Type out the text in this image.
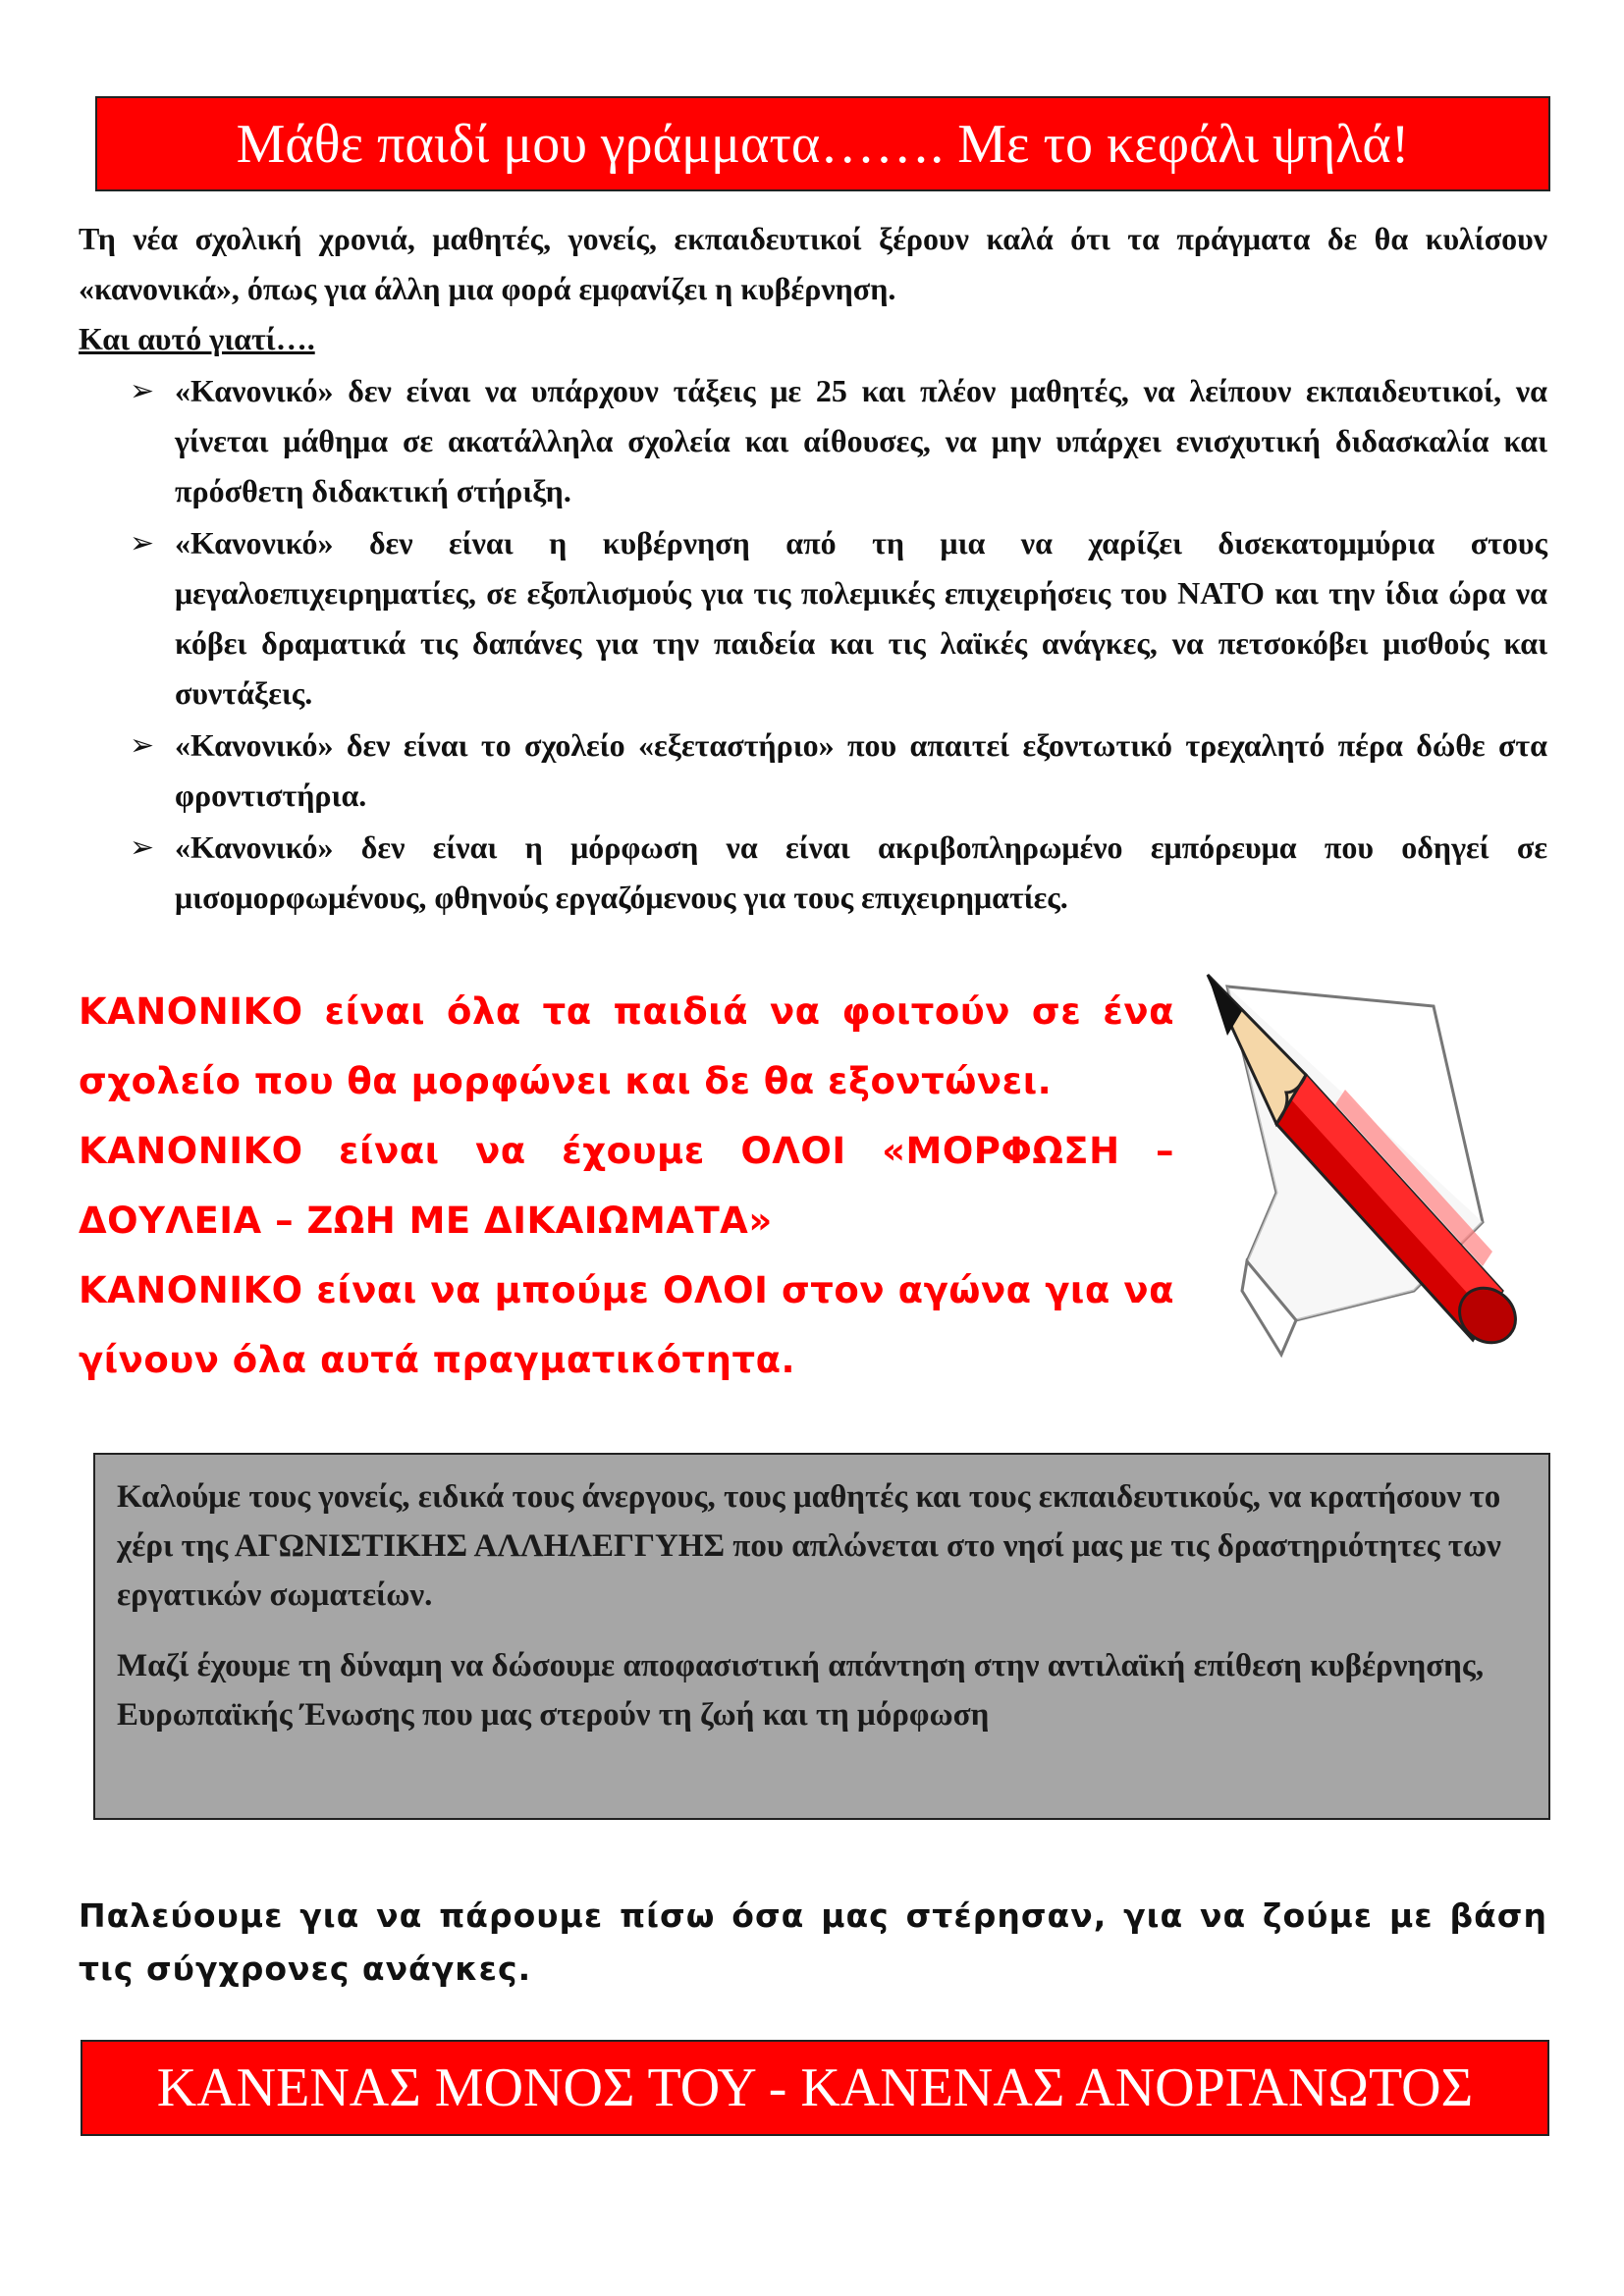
Μάθε παιδί μου γράμματα……. Με το κεφάλι ψηλά!

Τη νέα σχολική χρονιά, μαθητές, γονείς, εκπαιδευτικοί ξέρουν καλά ότι τα πράγματα δε θα κυλίσουν «κανονικά», όπως για άλλη μια φορά εμφανίζει η κυβέρνηση.

Και αυτό γιατί….

➢ «Κανονικό» δεν είναι να υπάρχουν τάξεις με 25 και πλέον μαθητές, να λείπουν εκπαιδευτικοί, να γίνεται μάθημα σε ακατάλληλα σχολεία και αίθουσες, να μην υπάρχει ενισχυτική διδασκαλία και πρόσθετη διδακτική στήριξη.
➢ «Κανονικό» δεν είναι η κυβέρνηση από τη μια να χαρίζει δισεκατομμύρια στους μεγαλοεπιχειρηματίες, σε εξοπλισμούς για τις πολεμικές επιχειρήσεις του ΝΑΤΟ και την ίδια ώρα να κόβει δραματικά τις δαπάνες για την παιδεία και τις λαϊκές ανάγκες, να πετσοκόβει μισθούς και συντάξεις.
➢ «Κανονικό» δεν είναι το σχολείο «εξεταστήριο» που απαιτεί εξοντωτικό τρεχαλητό πέρα δώθε στα φροντιστήρια.
➢ «Κανονικό» δεν είναι η μόρφωση να είναι ακριβοπληρωμένο εμπόρευμα που οδηγεί σε μισομορφωμένους, φθηνούς εργαζόμενους για τους επιχειρηματίες.

ΚΑΝΟΝΙΚΟ είναι όλα τα παιδιά να φοιτούν σε ένα σχολείο που θα μορφώνει και δε θα εξοντώνει.

ΚΑΝΟΝΙΚΟ είναι να έχουμε ΟΛΟΙ «ΜΟΡΦΩΣΗ – ΔΟΥΛΕΙΑ – ΖΩΗ ΜΕ ΔΙΚΑΙΩΜΑΤΑ»

ΚΑΝΟΝΙΚΟ είναι να μπούμε ΟΛΟΙ στον αγώνα για να γίνουν όλα αυτά πραγματικότητα.

Καλούμε τους γονείς, ειδικά τους άνεργους, τους μαθητές και τους εκπαιδευτικούς, να κρατήσουν το χέρι της ΑΓΩΝΙΣΤΙΚΗΣ ΑΛΛΗΛΕΓΓΥΗΣ που απλώνεται στο νησί μας με τις δραστηριότητες των εργατικών σωματείων.

Μαζί έχουμε τη δύναμη να δώσουμε αποφασιστική απάντηση στην αντιλαϊκή επίθεση κυβέρνησης, Ευρωπαϊκής Ένωσης που μας στερούν τη ζωή και τη μόρφωση

Παλεύουμε για να πάρουμε πίσω όσα μας στέρησαν, για να ζούμε με βάση τις σύγχρονες ανάγκες.

ΚΑΝΕΝΑΣ ΜΟΝΟΣ ΤΟΥ - ΚΑΝΕΝΑΣ ΑΝΟΡΓΑΝΩΤΟΣ
